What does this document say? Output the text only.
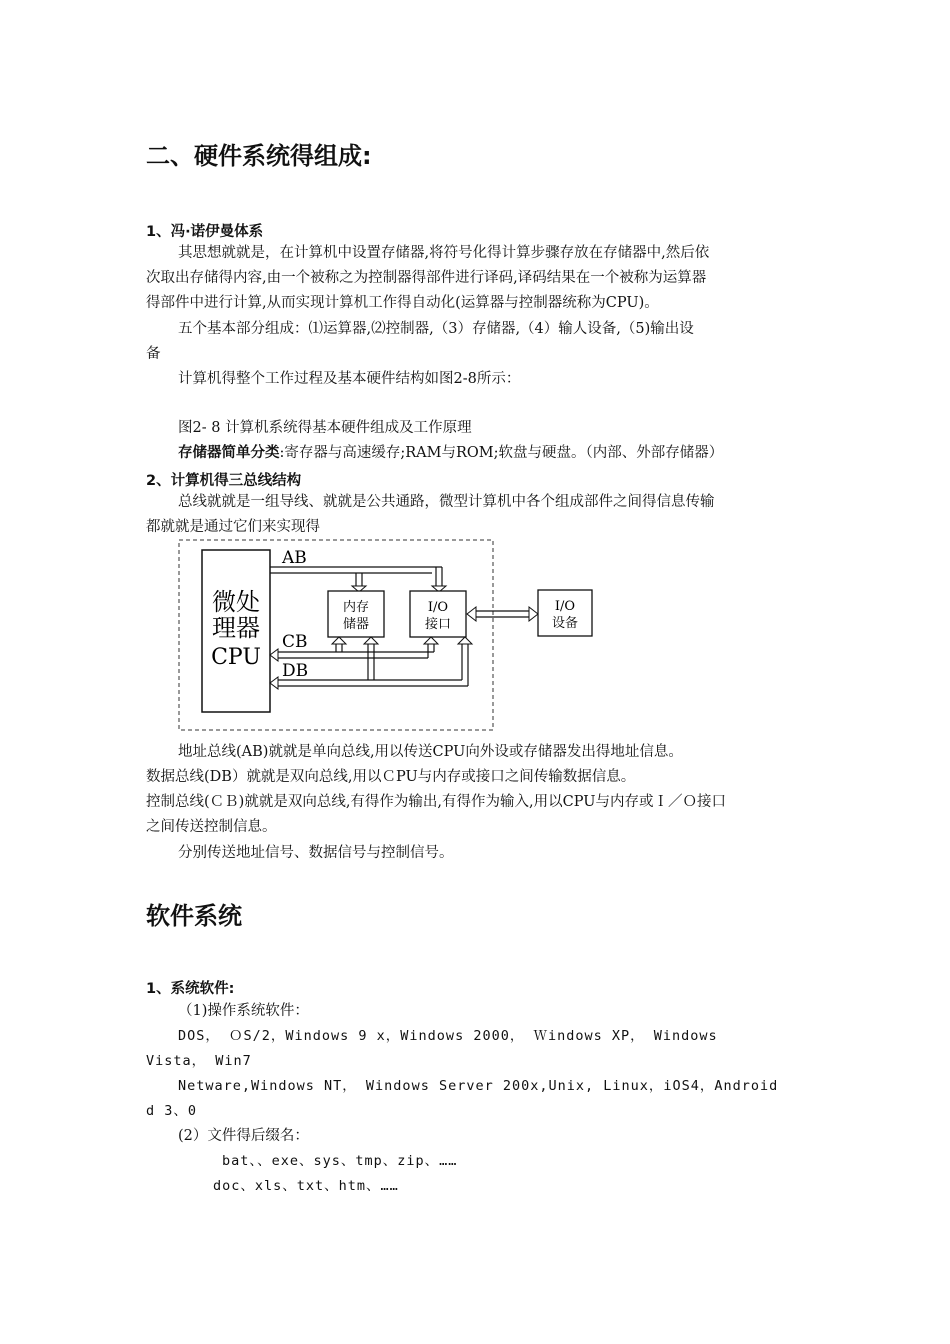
二、硬件系统得组成:
1、冯·诺伊曼体系
其思想就就是，在计算机中设置存储器,将符号化得计算步骤存放在存储器中,然后依
次取出存储得内容,由一个被称之为控制器得部件进行译码,译码结果在一个被称为运算器
得部件中进行计算,从而实现计算机工作得自动化(运算器与控制器统称为CPU)。
五个基本部分组成：⑴运算器,⑵控制器,（3）存储器,（4）输人设备,（5)输出设
备
计算机得整个工作过程及基本硬件结构如图2-8所示：
图2- 8 计算机系统得基本硬件组成及工作原理
存储器简单分类:寄存器与高速缓存;RAM与ROM;软盘与硬盘。（内部、外部存储器）
2、计算机得三总线结构
总线就就是一组导线、就就是公共通路，微型计算机中各个组成部件之间得信息传输
都就就是通过它们来实现得
微处
理器
CPU
AB
内存
储器
I/O
接口
I/O
设备
CB
DB
地址总线(AB)就就是单向总线,用以传送CPU向外设或存储器发出得地址信息。
数据总线(DB）就就是双向总线,用以ＣPU与内存或接口之间传输数据信息。
控制总线(ＣＢ)就就是双向总线,有得作为输出,有得作为输入,用以CPU与内存或Ｉ／Ｏ接口
之间传送控制信息。
分别传送地址信号、数据信号与控制信号。
软件系统
1、系统软件:
（1)操作系统软件：
DOS， ＯS/2，Windows 9 x，Windows 2000， Ｗindows XP， Windows
Vista， Win7
Netware,Windows NT， Windows Server 200x,Unix, Linux，iOS4，Android
d 3、0
(2）文件得后缀名：
bat、、exe、sys、tmp、zip、……
doc、xls、txt、htm、……
